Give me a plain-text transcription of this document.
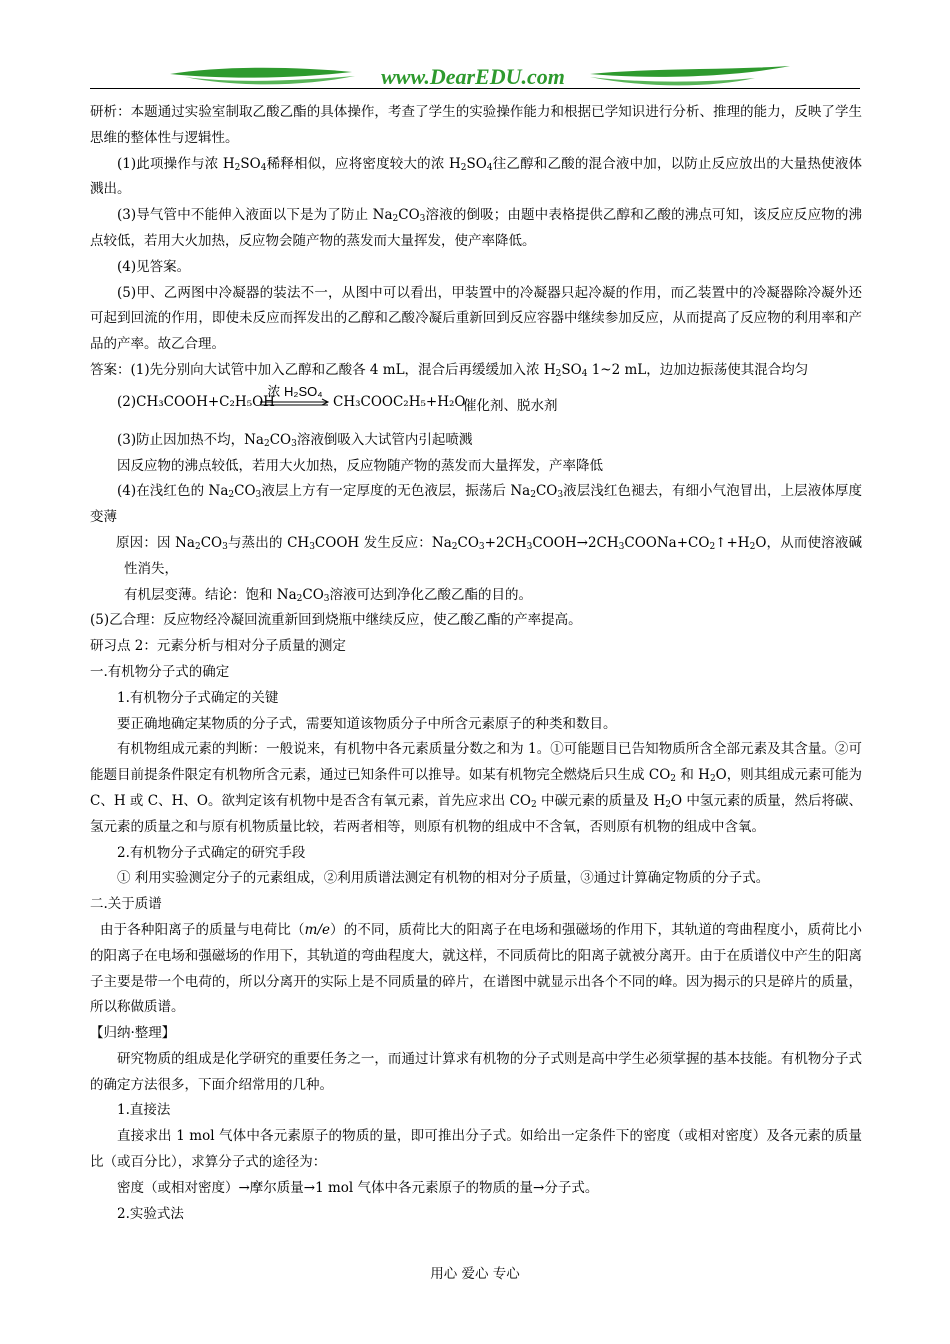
www.DearEDU.com

研析：本题通过实验室制取乙酸乙酯的具体操作，考查了学生的实验操作能力和根据已学知识进行分析、推理的能力，反映了学生思维的整体性与逻辑性。

(1)此项操作与浓 $H_2SO_4$稀释相似，应将密度较大的浓 $H_2SO_4$往乙醇和乙酸的混合液中加，以防止反应放出的大量热使液体溅出。

(3)导气管中不能伸入液面以下是为了防止 $Na_2CO_3$溶液的倒吸；由题中表格提供乙醇和乙酸的沸点可知，该反应反应物的沸点较低，若用大火加热，反应物会随产物的蒸发而大量挥发，使产率降低。

(4)见答案。

(5)甲、乙两图中冷凝器的装法不一，从图中可以看出，甲装置中的冷凝器只起冷凝的作用，而乙装置中的冷凝器除冷凝外还可起到回流的作用，即使未反应而挥发出的乙醇和乙酸冷凝后重新回到反应容器中继续参加反应，从而提高了反应物的利用率和产品的产率。故乙合理。

答案：(1)先分别向大试管中加入乙醇和乙酸各 4 mL，混合后再缓缓加入浓 $H_2SO_4$ 1~2 mL，边加边振荡使其混合均匀

(2)CH₃COOH+C₂H₅OH
浓 H₂SO₄
CH₃COOC₂H₅+H₂O
催化剂、脱水剂

(3)防止因加热不均，$Na_2CO_3$溶液倒吸入大试管内引起喷溅

因反应物的沸点较低，若用大火加热，反应物随产物的蒸发而大量挥发，产率降低

(4)在浅红色的 $Na_2CO_3$液层上方有一定厚度的无色液层，振荡后 $Na_2CO_3$液层浅红色褪去，有细小气泡冒出，上层液体厚度变薄

原因：因 $Na_2CO_3$与蒸出的 $CH_3COOH$ 发生反应：$Na_2CO_3+2CH_3COOH\to 2CH_3COONa+CO_2↑+H_2O$，从而使溶液碱性消失，

有机层变薄。结论：饱和 $Na_2CO_3$溶液可达到净化乙酸乙酯的目的。

(5)乙合理：反应物经冷凝回流重新回到烧瓶中继续反应，使乙酸乙酯的产率提高。

研习点 2：元素分析与相对分子质量的测定

一.有机物分子式的确定

1.有机物分子式确定的关键

要正确地确定某物质的分子式，需要知道该物质分子中所含元素原子的种类和数目。

有机物组成元素的判断：一般说来，有机物中各元素质量分数之和为 1。①可能题目已告知物质所含全部元素及其含量。②可能题目前提条件限定有机物所含元素，通过已知条件可以推导。如某有机物完全燃烧后只生成 $CO_2$ 和 $H_2O$，则其组成元素可能为 C、H 或 C、H、O。欲判定该有机物中是否含有氧元素，首先应求出 $CO_2$ 中碳元素的质量及 $H_2O$ 中氢元素的质量，然后将碳、氢元素的质量之和与原有机物质量比较，若两者相等，则原有机物的组成中不含氧，否则原有机物的组成中含氧。

2.有机物分子式确定的研究手段

① 利用实验测定分子的元素组成，②利用质谱法测定有机物的相对分子质量，③通过计算确定物质的分子式。

二.关于质谱

由于各种阳离子的质量与电荷比（m/e）的不同，质荷比大的阳离子在电场和强磁场的作用下，其轨道的弯曲程度小，质荷比小的阳离子在电场和强磁场的作用下，其轨道的弯曲程度大，就这样，不同质荷比的阳离子就被分离开。由于在质谱仪中产生的阳离子主要是带一个电荷的，所以分离开的实际上是不同质量的碎片，在谱图中就显示出各个不同的峰。因为揭示的只是碎片的质量，所以称做质谱。

【归纳·整理】

研究物质的组成是化学研究的重要任务之一，而通过计算求有机物的分子式则是高中学生必须掌握的基本技能。有机物分子式的确定方法很多，下面介绍常用的几种。

1.直接法

直接求出 1 mol 气体中各元素原子的物质的量，即可推出分子式。如给出一定条件下的密度（或相对密度）及各元素的质量比（或百分比），求算分子式的途径为：

密度（或相对密度）→摩尔质量→1 mol 气体中各元素原子的物质的量→分子式。

2.实验式法

用心 爱心 专心
